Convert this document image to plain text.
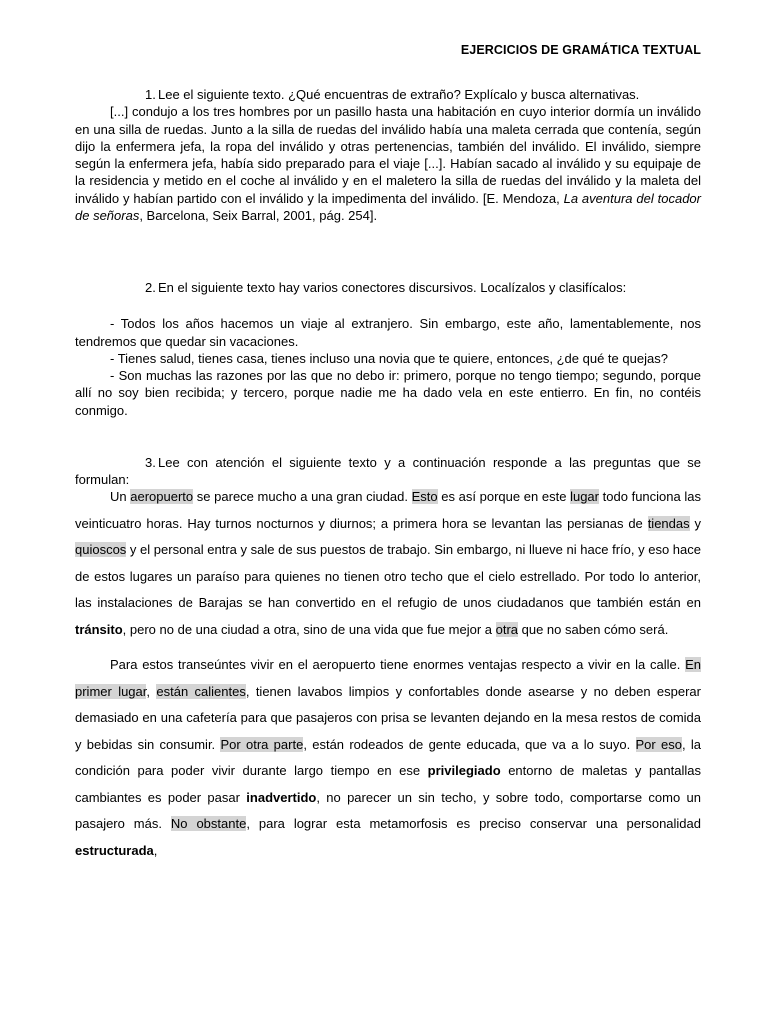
EJERCICIOS DE GRAMÁTICA TEXTUAL

1. Lee el siguiente texto. ¿Qué encuentras de extraño? Explícalo y busca alternativas.

[...] condujo a los tres hombres por un pasillo hasta una habitación en cuyo interior dormía un inválido en una silla de ruedas. Junto a la silla de ruedas del inválido había una maleta cerrada que contenía, según dijo la enfermera jefa, la ropa del inválido y otras pertenencias, también del inválido. El inválido, siempre según la enfermera jefa, había sido preparado para el viaje [...]. Habían sacado al inválido y su equipaje de la residencia y metido en el coche al inválido y en el maletero la silla de ruedas del inválido y la maleta del inválido y habían partido con el inválido y la impedimenta del inválido. [E. Mendoza, La aventura del tocador de señoras, Barcelona, Seix Barral, 2001, pág. 254].

2. En el siguiente texto hay varios conectores discursivos. Localízalos y clasifícalos:

- Todos los años hacemos un viaje al extranjero. Sin embargo, este año, lamentablemente, nos tendremos que quedar sin vacaciones.

- Tienes salud, tienes casa, tienes incluso una novia que te quiere, entonces, ¿de qué te quejas?

- Son muchas las razones por las que no debo ir: primero, porque no tengo tiempo; segundo, porque allí no soy bien recibida; y tercero, porque nadie me ha dado vela en este entierro. En fin, no contéis conmigo.

3. Lee con atención el siguiente texto y a continuación responde a las preguntas que se formulan:

Un aeropuerto se parece mucho a una gran ciudad. Esto es así porque en este lugar todo funciona las veinticuatro horas. Hay turnos nocturnos y diurnos; a primera hora se levantan las persianas de tiendas y quioscos y el personal entra y sale de sus puestos de trabajo. Sin embargo, ni llueve ni hace frío, y eso hace de estos lugares un paraíso para quienes no tienen otro techo que el cielo estrellado. Por todo lo anterior, las instalaciones de Barajas se han convertido en el refugio de unos ciudadanos que también están en tránsito, pero no de una ciudad a otra, sino de una vida que fue mejor a otra que no saben cómo será.

Para estos transeúntes vivir en el aeropuerto tiene enormes ventajas respecto a vivir en la calle. En primer lugar, están calientes, tienen lavabos limpios y confortables donde asearse y no deben esperar demasiado en una cafetería para que pasajeros con prisa se levanten dejando en la mesa restos de comida y bebidas sin consumir. Por otra parte, están rodeados de gente educada, que va a lo suyo. Por eso, la condición para poder vivir durante largo tiempo en ese privilegiado entorno de maletas y pantallas cambiantes es poder pasar inadvertido, no parecer un sin techo, y sobre todo, comportarse como un pasajero más. No obstante, para lograr esta metamorfosis es preciso conservar una personalidad estructurada,
